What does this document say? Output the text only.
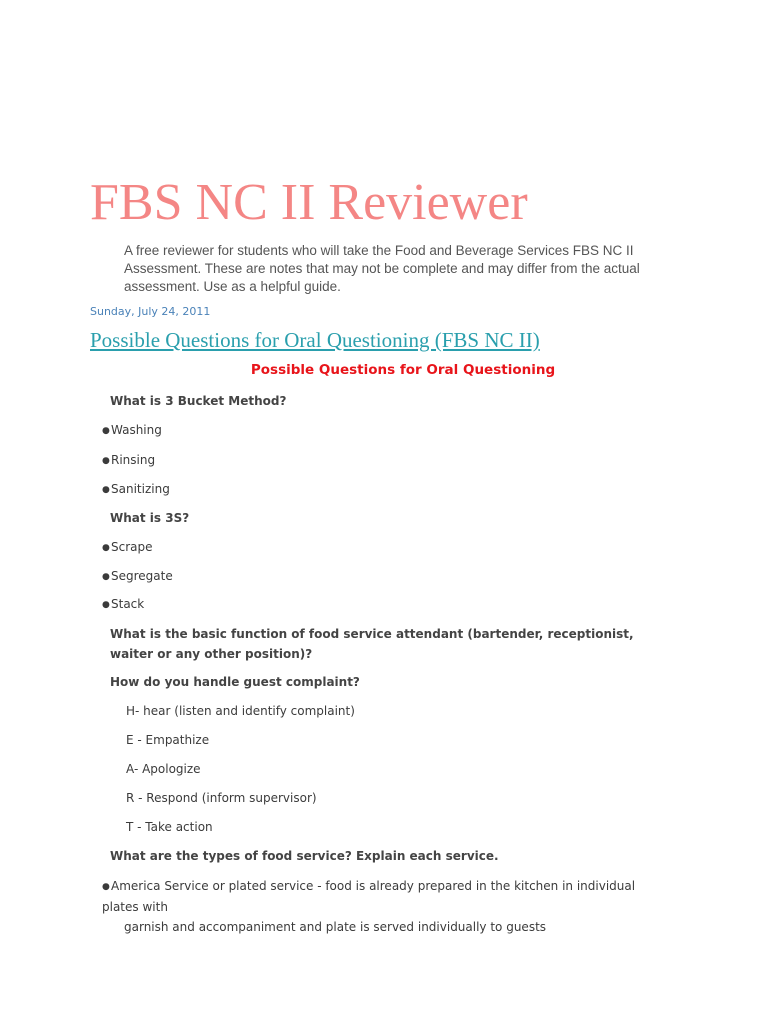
FBS NC II Reviewer

A free reviewer for students who will take the Food and Beverage Services FBS NC II Assessment. These are notes that may not be complete and may differ from the actual assessment. Use as a helpful guide.

Sunday, July 24, 2011

Possible Questions for Oral Questioning (FBS NC II)

Possible Questions for Oral Questioning

What is 3 Bucket Method?

●Washing

●Rinsing

●Sanitizing

What is 3S?

●Scrape

●Segregate

●Stack

What is the basic function of food service attendant (bartender, receptionist, waiter or any other position)?

How do you handle guest complaint?

H- hear (listen and identify complaint)

E - Empathize

A- Apologize

R - Respond (inform supervisor)

T - Take action

What are the types of food service? Explain each service.

●America Service or plated service - food is already prepared in the kitchen in individual plates with
garnish and accompaniment and plate is served individually to guests
